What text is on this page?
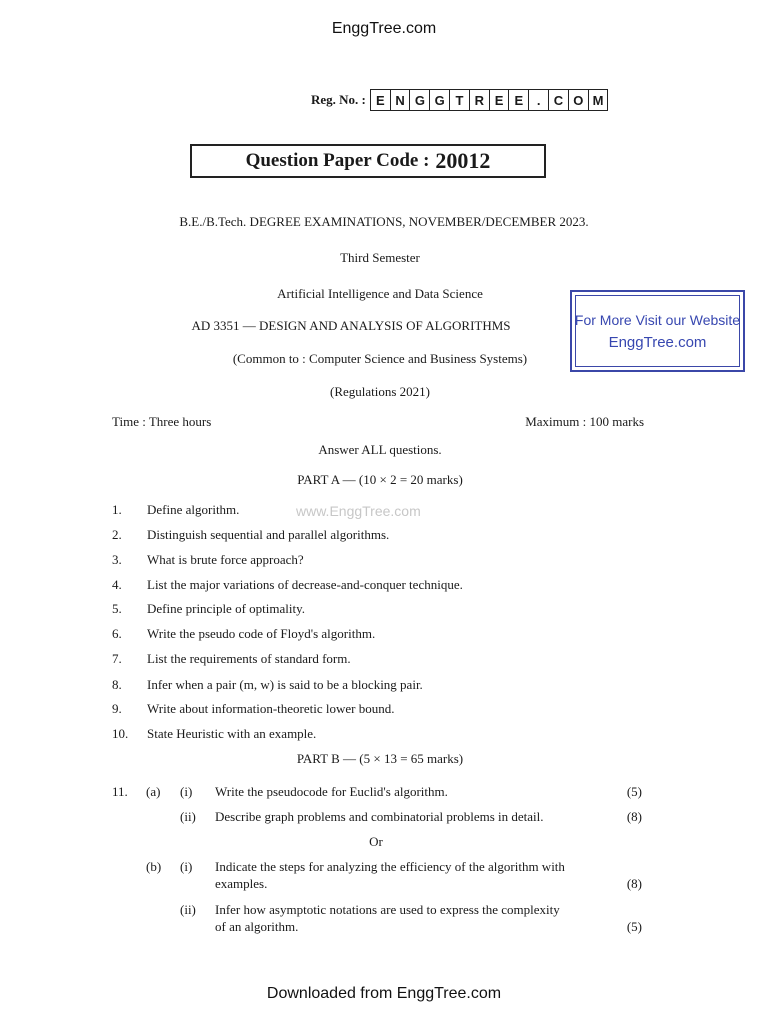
EnggTree.com
Reg. No. : E N G G T R E E	.	C O M
Question Paper Code : 20012
B.E./B.Tech. DEGREE EXAMINATIONS, NOVEMBER/DECEMBER 2023.
Third Semester
Artificial Intelligence and Data Science
AD 3351 — DESIGN AND ANALYSIS OF ALGORITHMS
(Common to : Computer Science and Business Systems)
(Regulations 2021)
For More Visit our Website
EnggTree.com
Time : Three hours	Maximum : 100 marks
Answer ALL questions.
PART A — (10 × 2 = 20 marks)
www.EnggTree.com
1. Define algorithm.
2. Distinguish sequential and parallel algorithms.
3. What is brute force approach?
4. List the major variations of decrease-and-conquer technique.
5. Define principle of optimality.
6. Write the pseudo code of Floyd's algorithm.
7. List the requirements of standard form.
8. Infer when a pair (m, w) is said to be a blocking pair.
9. Write about information-theoretic lower bound.
10. State Heuristic with an example.
PART B — (5 × 13 = 65 marks)
11. (a) (i) Write the pseudocode for Euclid's algorithm.	(5)
(ii) Describe graph problems and combinatorial problems in detail.	(8)
Or
(b) (i) Indicate the steps for analyzing the efficiency of the algorithm with
examples.	(8)
(ii) Infer how asymptotic notations are used to express the complexity
of an algorithm.	(5)
Downloaded from EnggTree.com
